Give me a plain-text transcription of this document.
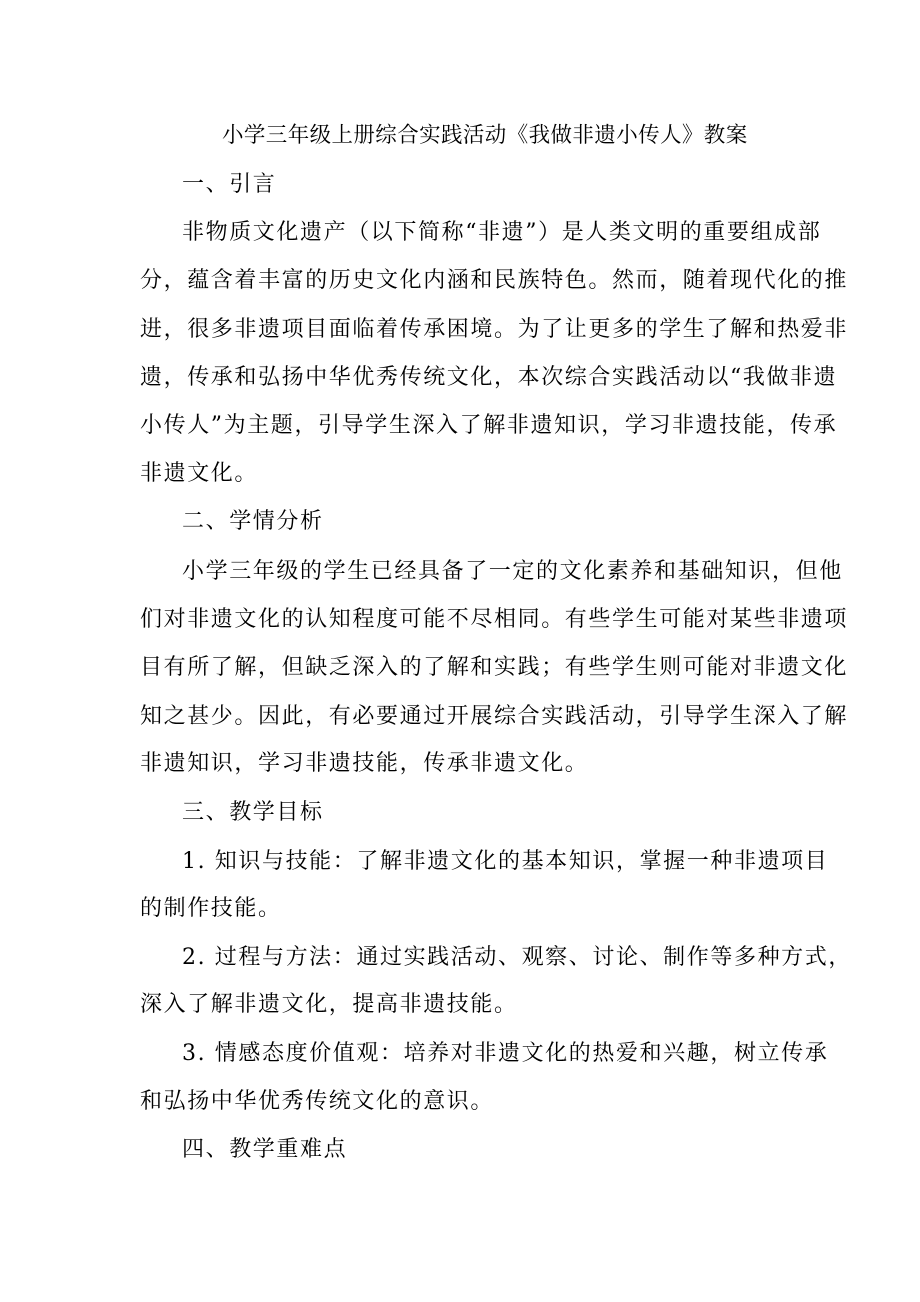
小学三年级上册综合实践活动《我做非遗小传人》教案
一、引言
非物质文化遗产（以下简称“非遗”）是人类文明的重要组成部
分，蕴含着丰富的历史文化内涵和民族特色。然而，随着现代化的推
进，很多非遗项目面临着传承困境。为了让更多的学生了解和热爱非
遗，传承和弘扬中华优秀传统文化，本次综合实践活动以“我做非遗
小传人”为主题，引导学生深入了解非遗知识，学习非遗技能，传承
非遗文化。
二、学情分析
小学三年级的学生已经具备了一定的文化素养和基础知识，但他
们对非遗文化的认知程度可能不尽相同。有些学生可能对某些非遗项
目有所了解，但缺乏深入的了解和实践；有些学生则可能对非遗文化
知之甚少。因此，有必要通过开展综合实践活动，引导学生深入了解
非遗知识，学习非遗技能，传承非遗文化。
三、教学目标
1. 知识与技能：了解非遗文化的基本知识，掌握一种非遗项目
的制作技能。
2. 过程与方法：通过实践活动、观察、讨论、制作等多种方式，
深入了解非遗文化，提高非遗技能。
3. 情感态度价值观：培养对非遗文化的热爱和兴趣，树立传承
和弘扬中华优秀传统文化的意识。
四、教学重难点
